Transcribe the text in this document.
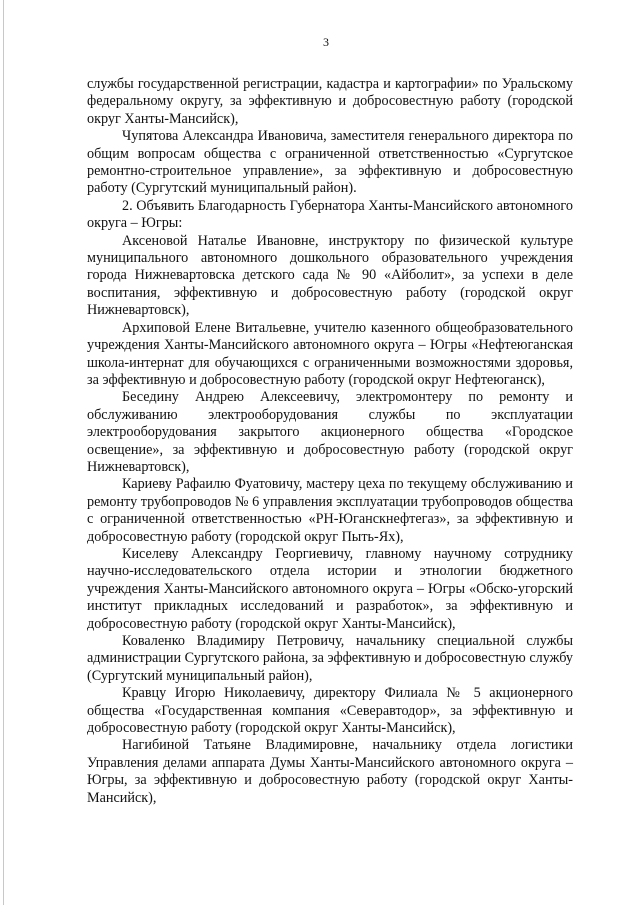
3

службы государственной регистрации, кадастра и картографии» по Уральскому федеральному округу, за эффективную и добросовестную работу (городской округ Ханты-Мансийск),

Чупятова Александра Ивановича, заместителя генерального директора по общим вопросам общества с ограниченной ответственностью «Сургутское ремонтно-строительное управление», за эффективную и добросовестную работу (Сургутский муниципальный район).

2. Объявить Благодарность Губернатора Ханты-Мансийского автономного округа – Югры:

Аксеновой Наталье Ивановне, инструктору по физической культуре муниципального автономного дошкольного образовательного учреждения города Нижневартовска детского сада № 90 «Айболит», за успехи в деле воспитания, эффективную и добросовестную работу (городской округ Нижневартовск),

Архиповой Елене Витальевне, учителю казенного общеобразовательного учреждения Ханты-Мансийского автономного округа – Югры «Нефтеюганская школа-интернат для обучающихся с ограниченными возможностями здоровья, за эффективную и добросовестную работу (городской округ Нефтеюганск),

Беседину Андрею Алексеевичу, электромонтеру по ремонту и обслуживанию электрооборудования службы по эксплуатации электрооборудования закрытого акционерного общества «Городское освещение», за эффективную и добросовестную работу (городской округ Нижневартовск),

Кариеву Рафаилю Фуатовичу, мастеру цеха по текущему обслуживанию и ремонту трубопроводов № 6 управления эксплуатации трубопроводов общества с ограниченной ответственностью «РН-Юганскнефтегаз», за эффективную и добросовестную работу (городской округ Пыть-Ях),

Киселеву Александру Георгиевичу, главному научному сотруднику научно-исследовательского отдела истории и этнологии бюджетного учреждения Ханты-Мансийского автономного округа – Югры «Обско-угорский институт прикладных исследований и разработок», за эффективную и добросовестную работу (городской округ Ханты-Мансийск),

Коваленко Владимиру Петровичу, начальнику специальной службы администрации Сургутского района, за эффективную и добросовестную службу (Сургутский муниципальный район),

Кравцу Игорю Николаевичу, директору Филиала № 5 акционерного общества «Государственная компания «Северавтодор», за эффективную и добросовестную работу (городской округ Ханты-Мансийск),

Нагибиной Татьяне Владимировне, начальнику отдела логистики Управления делами аппарата Думы Ханты-Мансийского автономного округа – Югры, за эффективную и добросовестную работу (городской округ Ханты-Мансийск),
